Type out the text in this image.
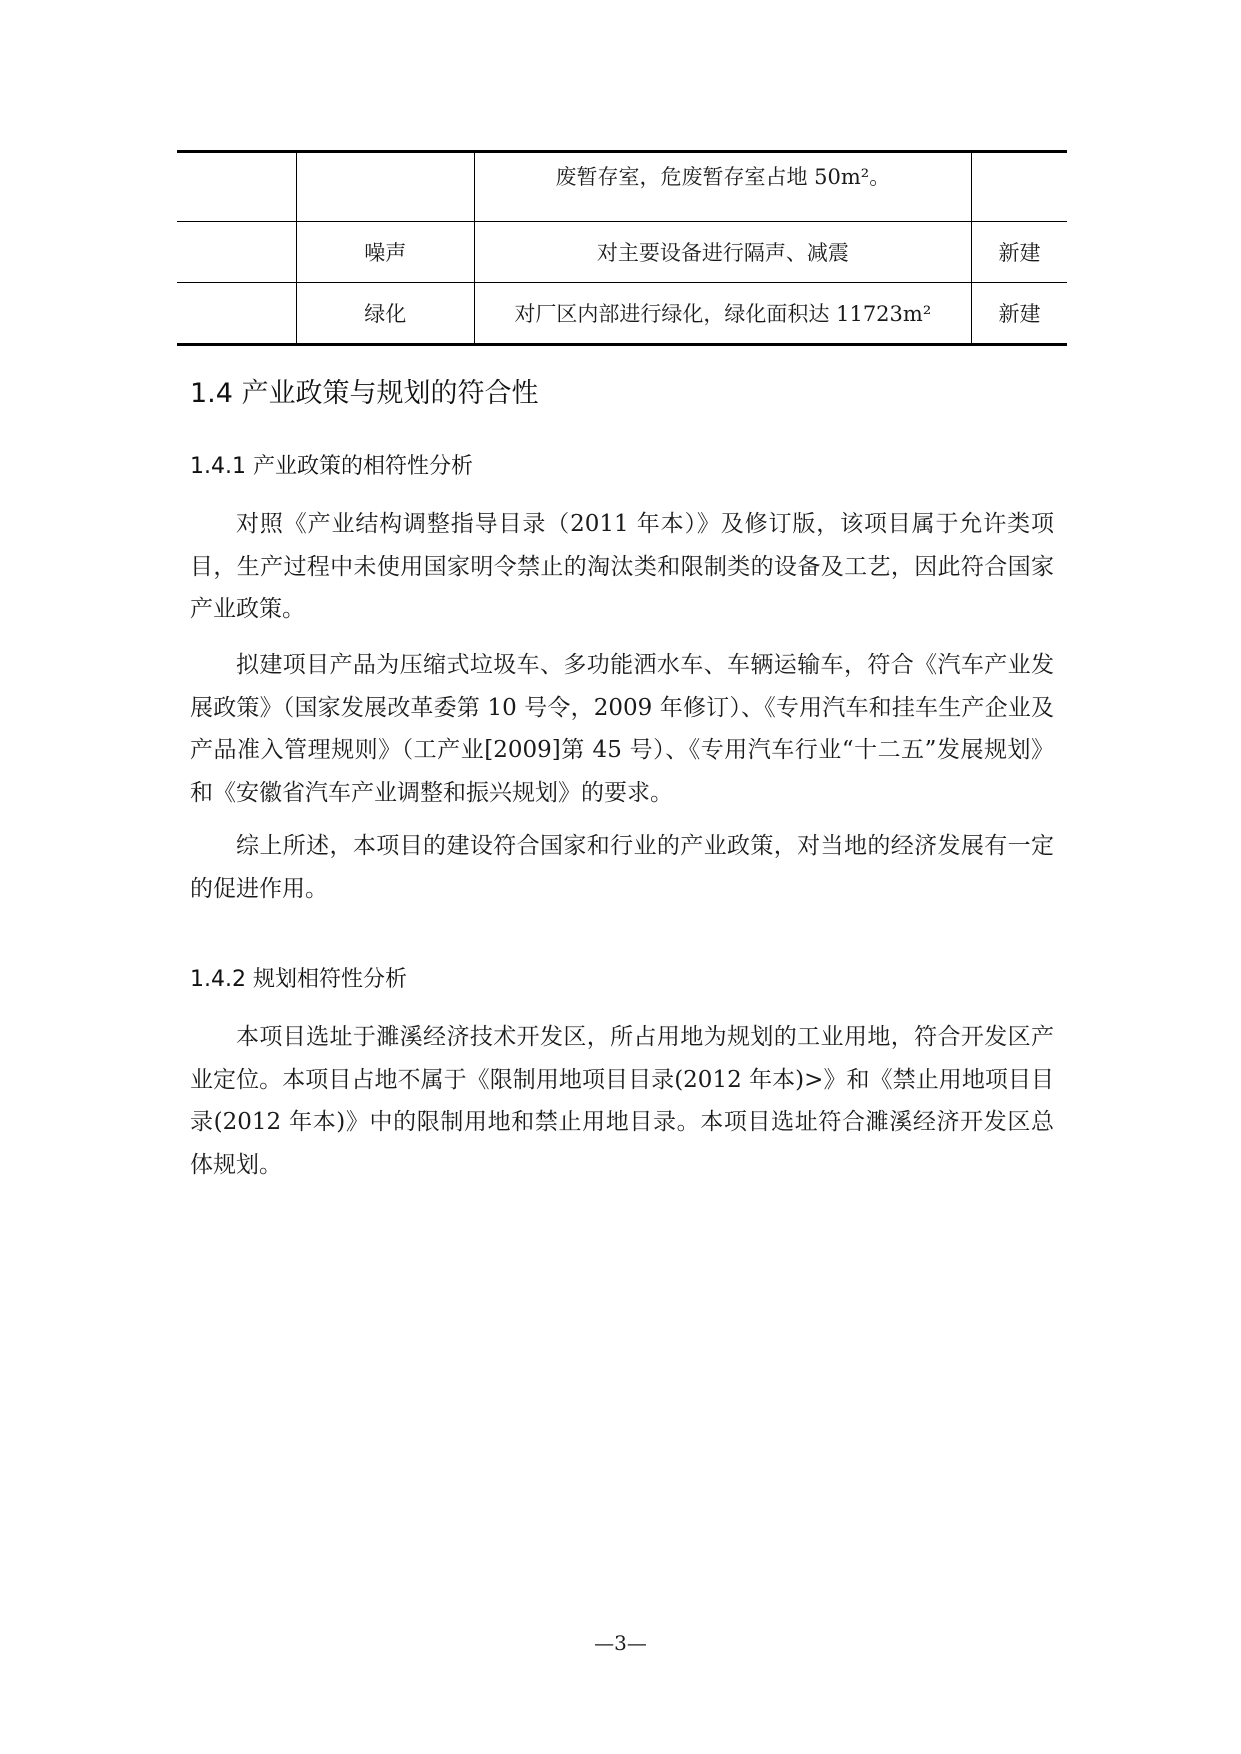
		废暂存室，危废暂存室占地 50m²。	
	噪声	对主要设备进行隔声、减震	新建
	绿化	对厂区内部进行绿化，绿化面积达 11723m²	新建
1.4 产业政策与规划的符合性
1.4.1 产业政策的相符性分析

对照《产业结构调整指导目录（2011 年本）》及修订版，该项目属于允许类项目，生产过程中未使用国家明令禁止的淘汰类和限制类的设备及工艺，因此符合国家产业政策。

拟建项目产品为压缩式垃圾车、多功能洒水车、车辆运输车，符合《汽车产业发展政策》（国家发展改革委第 10 号令，2009 年修订）、《专用汽车和挂车生产企业及产品准入管理规则》（工产业[2009]第 45 号）、《专用汽车行业“十二五”发展规划》和《安徽省汽车产业调整和振兴规划》的要求。

综上所述，本项目的建设符合国家和行业的产业政策，对当地的经济发展有一定的促进作用。

1.4.2 规划相符性分析

本项目选址于濉溪经济技术开发区，所占用地为规划的工业用地，符合开发区产业定位。本项目占地不属于《限制用地项目目录(2012 年本)>》和《禁止用地项目目录(2012 年本)》中的限制用地和禁止用地目录。本项目选址符合濉溪经济开发区总体规划。

—3—
